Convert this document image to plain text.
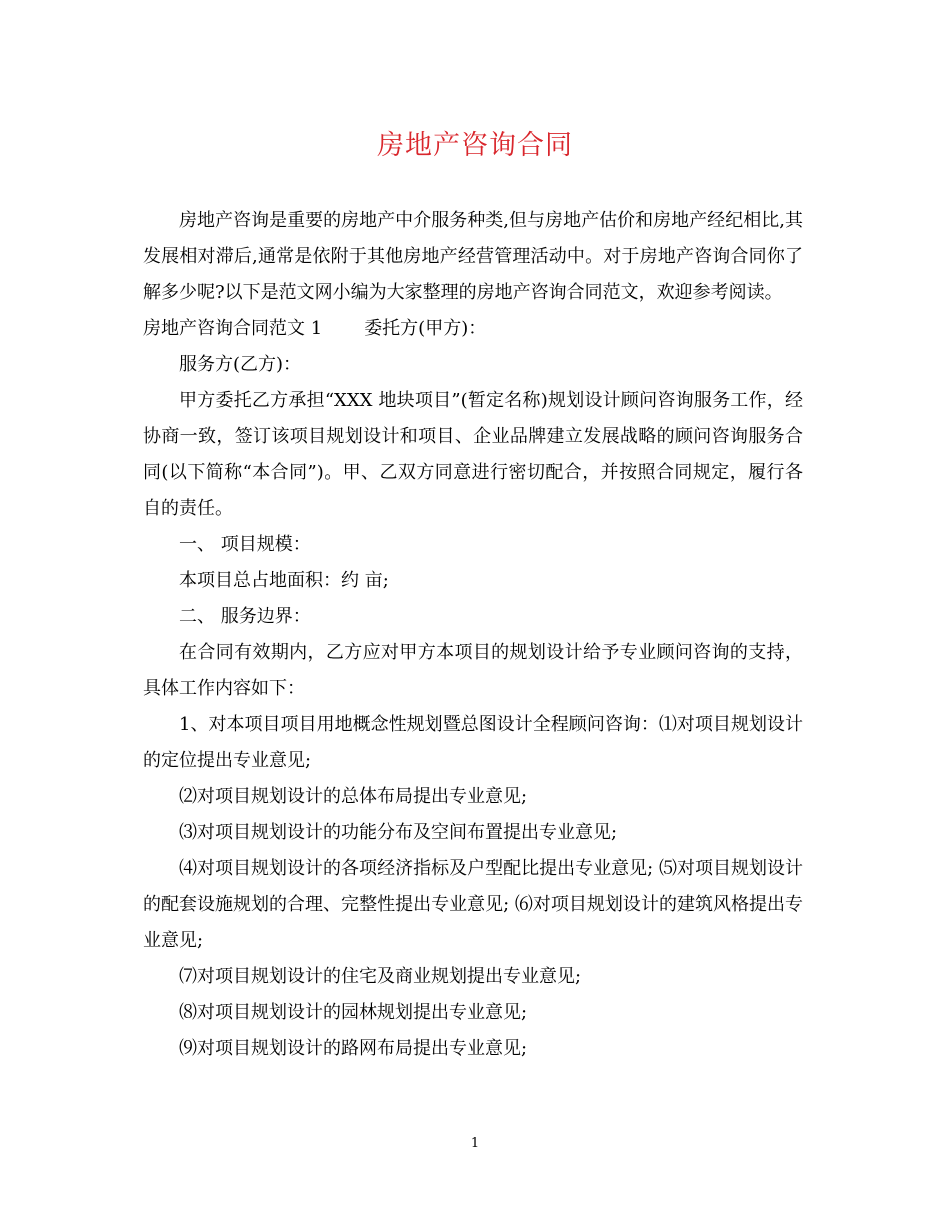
房地产咨询合同

房地产咨询是重要的房地产中介服务种类,但与房地产估价和房地产经纪相比,其发展相对滞后,通常是依附于其他房地产经营管理活动中。对于房地产咨询合同你了解多少呢?以下是范文网小编为大家整理的房地产咨询合同范文，欢迎参考阅读。

房地产咨询合同范文 1 委托方(甲方)：

服务方(乙方)：

甲方委托乙方承担“XXX 地块项目”(暂定名称)规划设计顾问咨询服务工作，经协商一致，签订该项目规划设计和项目、企业品牌建立发展战略的顾问咨询服务合同(以下简称“本合同”)。甲、乙双方同意进行密切配合，并按照合同规定，履行各自的责任。

一、 项目规模：

本项目总占地面积：约 亩;

二、 服务边界：

在合同有效期内，乙方应对甲方本项目的规划设计给予专业顾问咨询的支持，具体工作内容如下：

1、对本项目项目用地概念性规划暨总图设计全程顾问咨询：⑴对项目规划设计的定位提出专业意见;

⑵对项目规划设计的总体布局提出专业意见;

⑶对项目规划设计的功能分布及空间布置提出专业意见;

⑷对项目规划设计的各项经济指标及户型配比提出专业意见; ⑸对项目规划设计的配套设施规划的合理、完整性提出专业意见; ⑹对项目规划设计的建筑风格提出专业意见;

⑺对项目规划设计的住宅及商业规划提出专业意见;

⑻对项目规划设计的园林规划提出专业意见;

⑼对项目规划设计的路网布局提出专业意见;

1
